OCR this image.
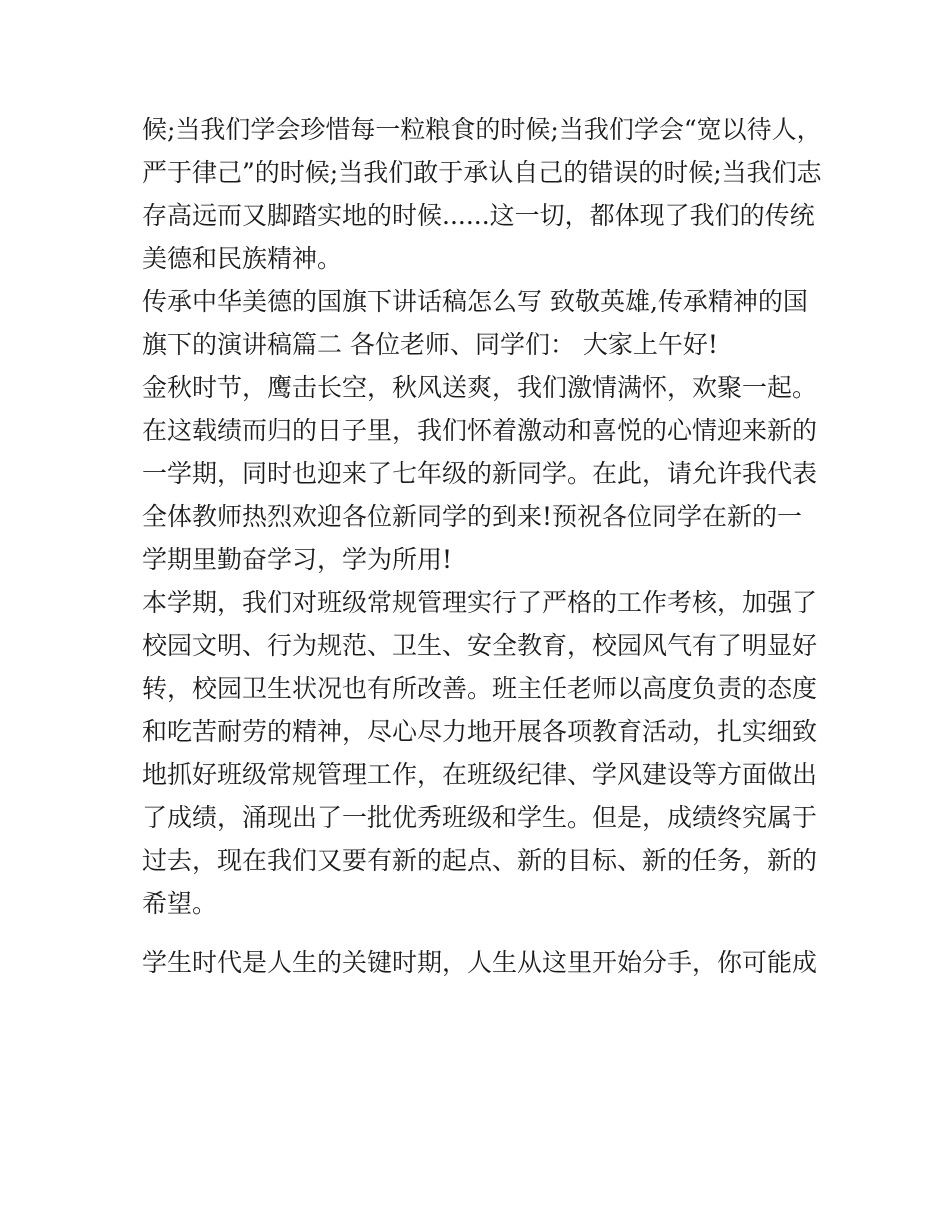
候;当我们学会珍惜每一粒粮食的时候;当我们学会“宽以待人，
严于律己”的时候;当我们敢于承认自己的错误的时候;当我们志
存高远而又脚踏实地的时候......这一切，都体现了我们的传统
美德和民族精神。
传承中华美德的国旗下讲话稿怎么写 致敬英雄,传承精神的国
旗下的演讲稿篇二 各位老师、同学们： 大家上午好!
金秋时节，鹰击长空，秋风送爽，我们激情满怀，欢聚一起。
在这载绩而归的日子里，我们怀着激动和喜悦的心情迎来新的
一学期，同时也迎来了七年级的新同学。在此，请允许我代表
全体教师热烈欢迎各位新同学的到来!预祝各位同学在新的一
学期里勤奋学习，学为所用!
本学期，我们对班级常规管理实行了严格的工作考核，加强了
校园文明、行为规范、卫生、安全教育，校园风气有了明显好
转，校园卫生状况也有所改善。班主任老师以高度负责的态度
和吃苦耐劳的精神，尽心尽力地开展各项教育活动，扎实细致
地抓好班级常规管理工作，在班级纪律、学风建设等方面做出
了成绩，涌现出了一批优秀班级和学生。但是，成绩终究属于
过去，现在我们又要有新的起点、新的目标、新的任务，新的
希望。
学生时代是人生的关键时期，人生从这里开始分手，你可能成
